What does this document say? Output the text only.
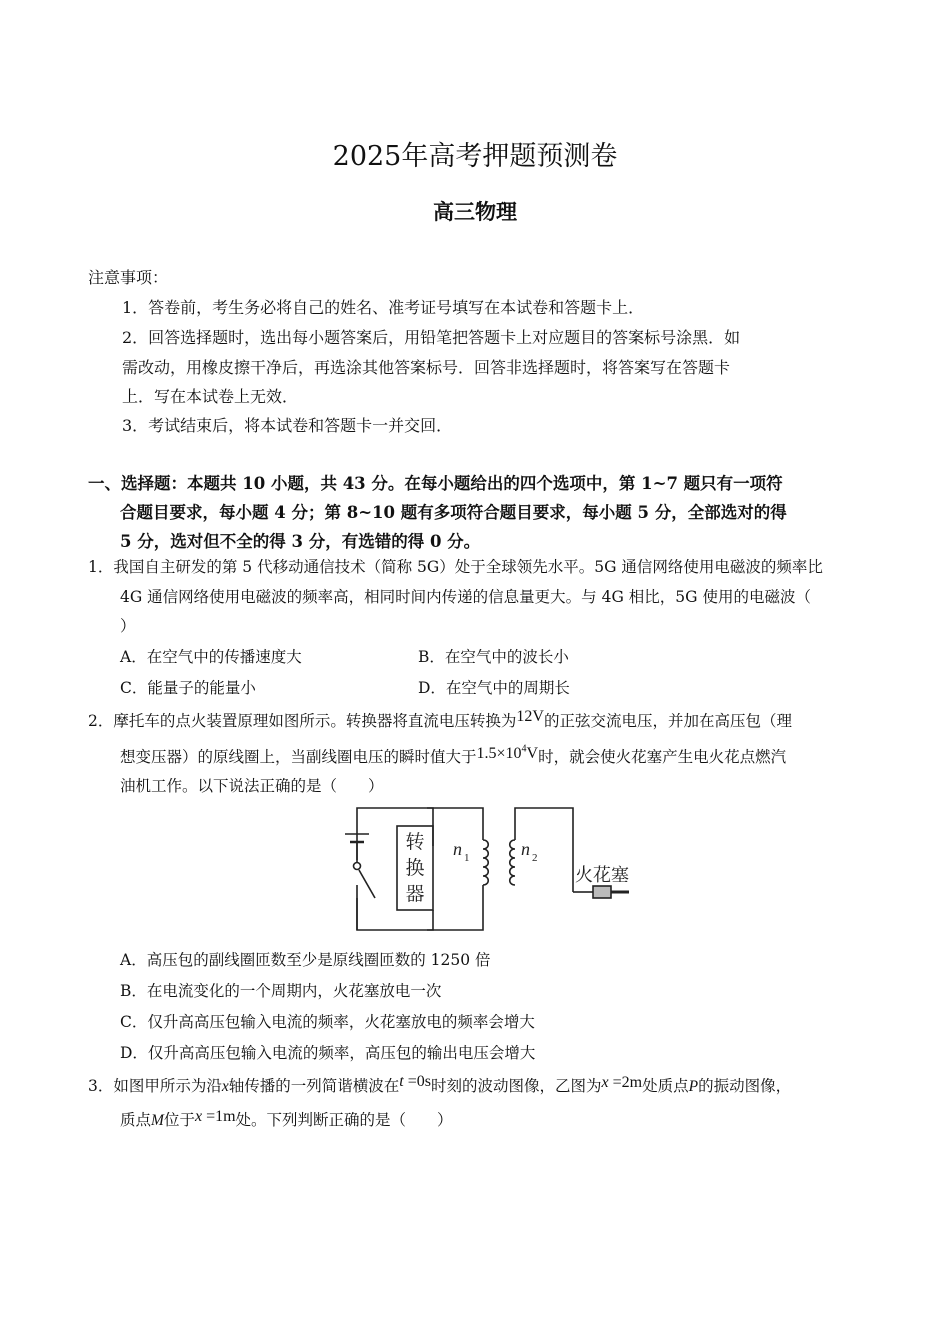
2025年高考押题预测卷
高三物理
注意事项：
1．答卷前，考生务必将自己的姓名、准考证号填写在本试卷和答题卡上．
2．回答选择题时，选出每小题答案后，用铅笔把答题卡上对应题目的答案标号涂黑．如
需改动，用橡皮擦干净后，再选涂其他答案标号．回答非选择题时，将答案写在答题卡
上．写在本试卷上无效．
3．考试结束后，将本试卷和答题卡一并交回．
一、选择题：本题共 10 小题，共 43 分。在每小题给出的四个选项中，第 1~7 题只有一项符
合题目要求，每小题 4 分；第 8~10 题有多项符合题目要求，每小题 5 分，全部选对的得
5 分，选对但不全的得 3 分，有选错的得 0 分。
1．我国自主研发的第 5 代移动通信技术（简称 5G）处于全球领先水平。5G 通信网络使用电磁波的频率比
4G 通信网络使用电磁波的频率高，相同时间内传递的信息量更大。与 4G 相比，5G 使用的电磁波（
）
A．在空气中的传播速度大	B．在空气中的波长小
C．能量子的能量小	D．在空气中的周期长
2．摩托车的点火装置原理如图所示。转换器将直流电压转换为12V的正弦交流电压，并加在高压包（理
想变压器）的原线圈上，当副线圈电压的瞬时值大于$1.5\times 10^4V$时，就会使火花塞产生电火花点燃汽
油机工作。以下说法正确的是（　　）
转
换
器
n 1	n 2
火花塞
A．高压包的副线圈匝数至少是原线圈匝数的 1250 倍
B．在电流变化的一个周期内，火花塞放电一次
C．仅升高高压包输入电流的频率，火花塞放电的频率会增大
D．仅升高高压包输入电流的频率，高压包的输出电压会增大
3．如图甲所示为沿x轴传播的一列简谐横波在t =0s时刻的波动图像，乙图为x =2m处质点P的振动图像，
质点M位于x =1m处。下列判断正确的是（　　）
